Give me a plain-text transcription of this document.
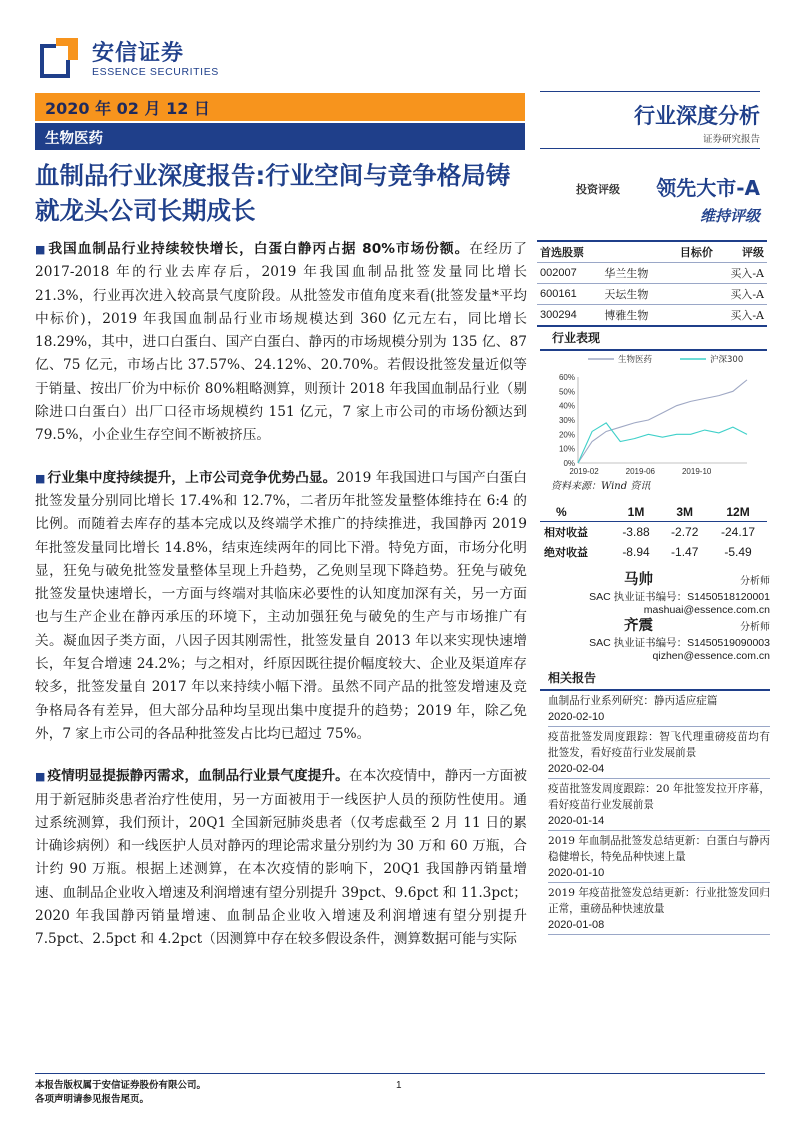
安信证券
ESSENCE SECURITIES
2020 年 02 月 12 日
生物医药
行业深度分析
证券研究报告
血制品行业深度报告:行业空间与竞争格局铸就龙头公司长期成长
投资评级 领先大市-A
维持评级

■ 我国血制品行业持续较快增长，白蛋白静丙占据 80%市场份额。在经历了 2017-2018 年的行业去库存后，2019 年我国血制品批签发量同比增长 21.3%，行业再次进入较高景气度阶段。从批签发市值角度来看(批签发量*平均中标价)，2019 年我国血制品行业市场规模达到 360 亿元左右，同比增长 18.29%，其中，进口白蛋白、国产白蛋白、静丙的市场规模分别为 135 亿、87 亿、75 亿元，市场占比 37.57%、24.12%、20.70%。若假设批签发量近似等于销量、按出厂价为中标价 80%粗略测算，则预计 2018 年我国血制品行业（剔除进口白蛋白）出厂口径市场规模约 151 亿元，7 家上市公司的市场份额达到 79.5%，小企业生存空间不断被挤压。

■ 行业集中度持续提升，上市公司竞争优势凸显。2019 年我国进口与国产白蛋白批签发量分别同比增长 17.4%和 12.7%，二者历年批签发量整体维持在 6:4 的比例。而随着去库存的基本完成以及终端学术推广的持续推进，我国静丙 2019 年批签发量同比增长 14.8%，结束连续两年的同比下滑。特免方面，市场分化明显，狂免与破免批签发量整体呈现上升趋势，乙免则呈现下降趋势。狂免与破免批签发量快速增长，一方面与终端对其临床必要性的认知度加深有关，另一方面也与生产企业在静丙承压的环境下，主动加强狂免与破免的生产与市场推广有关。凝血因子类方面，八因子因其刚需性，批签发量自 2013 年以来实现快速增长，年复合增速 24.2%；与之相对，纤原因既往提价幅度较大、企业及渠道库存较多，批签发量自 2017 年以来持续小幅下滑。虽然不同产品的批签发增速及竞争格局各有差异，但大部分品种均呈现出集中度提升的趋势；2019 年，除乙免外，7 家上市公司的各品种批签发占比均已超过 75%。

■ 疫情明显提振静丙需求，血制品行业景气度提升。在本次疫情中，静丙一方面被用于新冠肺炎患者治疗性使用，另一方面被用于一线医护人员的预防性使用。通过系统测算，我们预计，20Q1 全国新冠肺炎患者（仅考虑截至 2 月 11 日的累计确诊病例）和一线医护人员对静丙的理论需求量分别约为 30 万和 60 万瓶，合计约 90 万瓶。根据上述测算，在本次疫情的影响下，20Q1 我国静丙销量增速、血制品企业收入增速及利润增速有望分别提升 39pct、9.6pct 和 11.3pct；2020 年我国静丙销量增速、血制品企业收入增速及利润增速有望分别提升 7.5pct、2.5pct 和 4.2pct（因测算中存在较多假设条件，测算数据可能与实际

首选股票		目标价	评级
002007	华兰生物		买入-A
600161	天坛生物		买入-A
300294	博雅生物		买入-A
行业表现
0%
10%
20%
30%
40%
50%
60%
2019-02	2019-06	2019-10
生物医药	沪深300
资料来源：Wind 资讯
%	1M	3M	12M
相对收益	-3.88	-2.72	-24.17
绝对收益	-8.94	-1.47	-5.49
马帅	分析师
SAC 执业证书编号：S1450518120001
mashuai@essence.com.cn
齐震	分析师
SAC 执业证书编号：S1450519090003
qizhen@essence.com.cn
相关报告
血制品行业系列研究：静丙适应症篇
2020-02-10
疫苗批签发周度跟踪：智飞代理重磅疫苗均有批签发，看好疫苗行业发展前景
2020-02-04
疫苗批签发周度跟踪：20 年批签发拉开序幕，看好疫苗行业发展前景
2020-01-14
2019 年血制品批签发总结更新：白蛋白与静丙稳健增长，特免品种快速上量
2020-01-10
2019 年疫苗批签发总结更新：行业批签发回归正常，重磅品种快速放量
2020-01-08
本报告版权属于安信证券股份有限公司。
各项声明请参见报告尾页。
1
